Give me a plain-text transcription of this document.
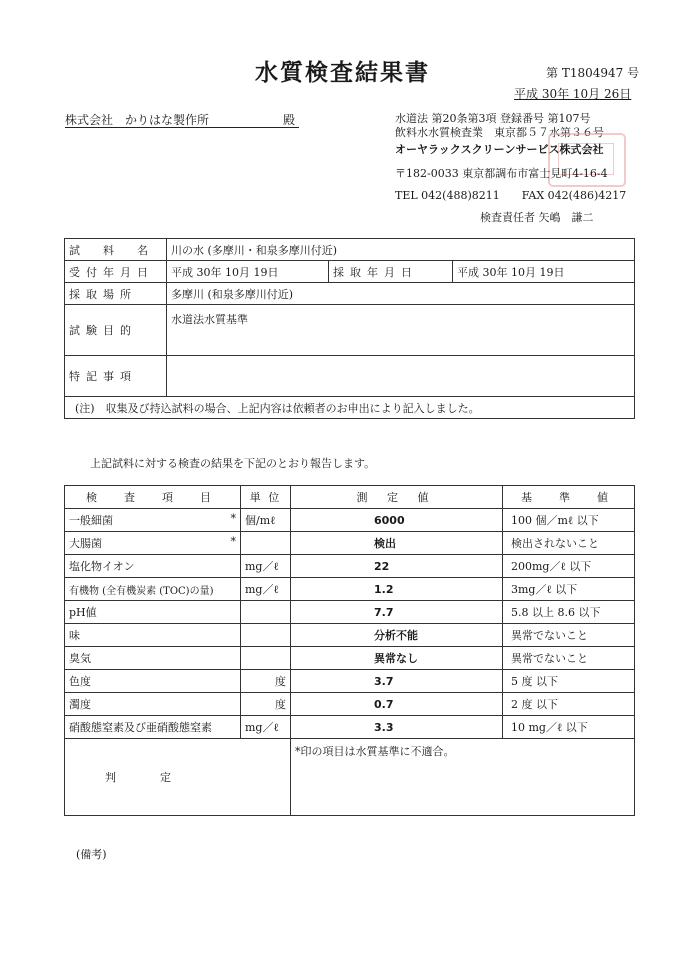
水質検査結果書	第 T1804947 号
平成 30年 10月 26日
株式会社　かりはな製作所	殿	水道法 第20条第3項 登録番号 第107号
飲料水水質検査業　東京都５７水第３６号
オーヤラックスクリーンサービス株式会社
〒182-0033 東京都調布市富士見町4-16-4
TEL 042(488)8211　　FAX 042(486)4217
検査責任者 矢嶋　謙二
試　料　名	川の水 (多摩川・和泉多摩川付近)		
受付年月日	平成 30年 10月 19日	採取年月日	平成 30年 10月 19日
採取場所	多摩川 (和泉多摩川付近)		
試験目的	水道法水質基準		
特記事項			
(注)　収集及び持込試料の場合、上記内容は依頼者のお申出により記入しました。			
上記試料に対する検査の結果を下記のとおり報告します。
検　査　項　目	単 位	測 定 値	基　準　値
一般細菌 *	個/mℓ	6000	100 個／mℓ 以下
大腸菌 *		検出	検出されないこと
塩化物イオン	mg／ℓ	22	200mg／ℓ 以下
有機物 (全有機炭素 (TOC)の量)	mg／ℓ	1.2	3mg／ℓ 以下
pH値		7.7	5.8 以上 8.6 以下
味		分析不能	異常でないこと
臭気		異常なし	異常でないこと
色度	度	3.7	5 度 以下
濁度	度	0.7	2 度 以下
硝酸態窒素及び亜硝酸態窒素	mg／ℓ	3.3	10 mg／ℓ 以下
判　　　　定		*印の項目は水質基準に不適合。	
(備考)
